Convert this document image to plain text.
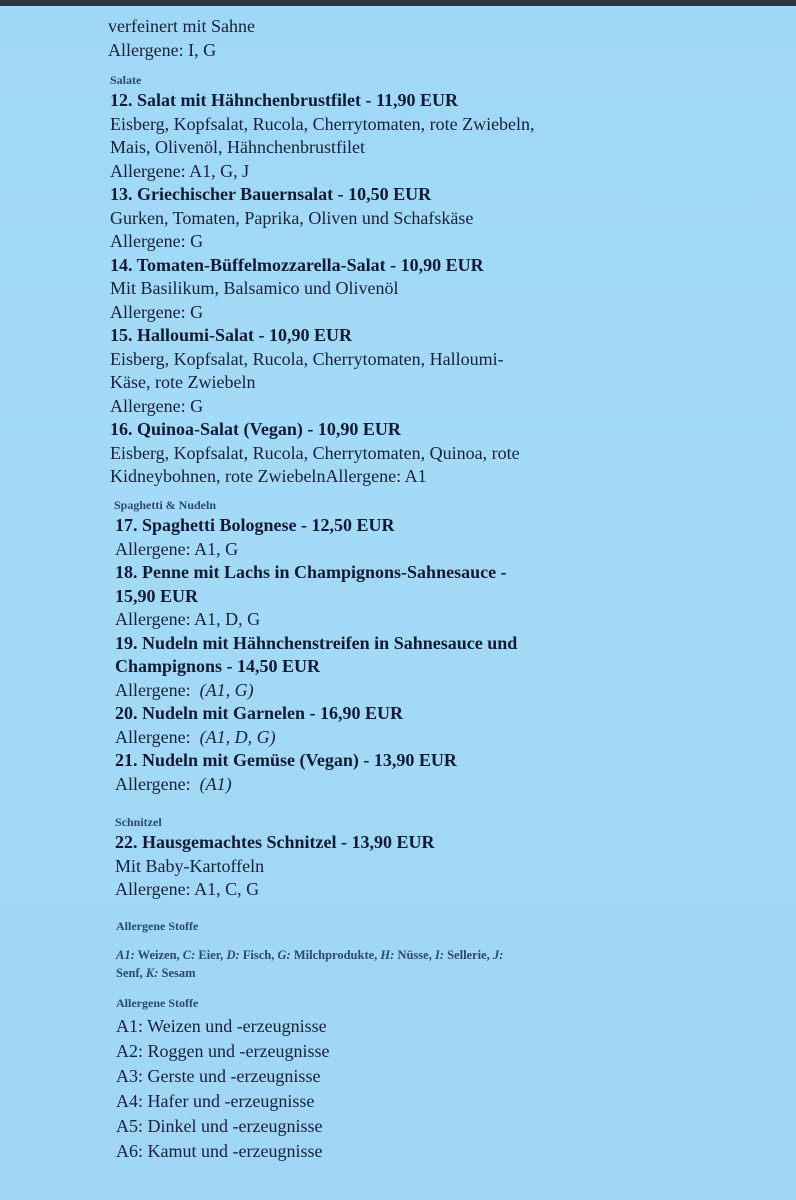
verfeinert mit Sahne
Allergene: I, G
Salate
12. Salat mit Hähnchenbrustfilet - 11,90 EUR
Eisberg, Kopfsalat, Rucola, Cherrytomaten, rote Zwiebeln,
Mais, Olivenöl, Hähnchenbrustfilet
Allergene: A1, G, J
13. Griechischer Bauernsalat - 10,50 EUR
Gurken, Tomaten, Paprika, Oliven und Schafskäse
Allergene: G
14. Tomaten-Büffelmozzarella-Salat - 10,90 EUR
Mit Basilikum, Balsamico und Olivenöl
Allergene: G
15. Halloumi-Salat - 10,90 EUR
Eisberg, Kopfsalat, Rucola, Cherrytomaten, Halloumi-
Käse, rote Zwiebeln
Allergene: G
16. Quinoa-Salat (Vegan) - 10,90 EUR
Eisberg, Kopfsalat, Rucola, Cherrytomaten, Quinoa, rote
Kidneybohnen, rote ZwiebelnAllergene: A1
Spaghetti & Nudeln
17. Spaghetti Bolognese - 12,50 EUR
Allergene: A1, G
18. Penne mit Lachs in Champignons-Sahnesauce -
15,90 EUR
Allergene: A1, D, G
19. Nudeln mit Hähnchenstreifen in Sahnesauce und
Champignons - 14,50 EUR
Allergene:  (A1, G)
20. Nudeln mit Garnelen - 16,90 EUR
Allergene:  (A1, D, G)
21. Nudeln mit Gemüse (Vegan) - 13,90 EUR
Allergene:  (A1)
Schnitzel
22. Hausgemachtes Schnitzel - 13,90 EUR
Mit Baby-Kartoffeln
Allergene: A1, C, G
Allergene Stoffe
A1: Weizen, C: Eier, D: Fisch, G: Milchprodukte, H: Nüsse, I: Sellerie, J:
Senf, K: Sesam
Allergene Stoffe
A1: Weizen und -erzeugnisse
A2: Roggen und -erzeugnisse
A3: Gerste und -erzeugnisse
A4: Hafer und -erzeugnisse
A5: Dinkel und -erzeugnisse
A6: Kamut und -erzeugnisse
